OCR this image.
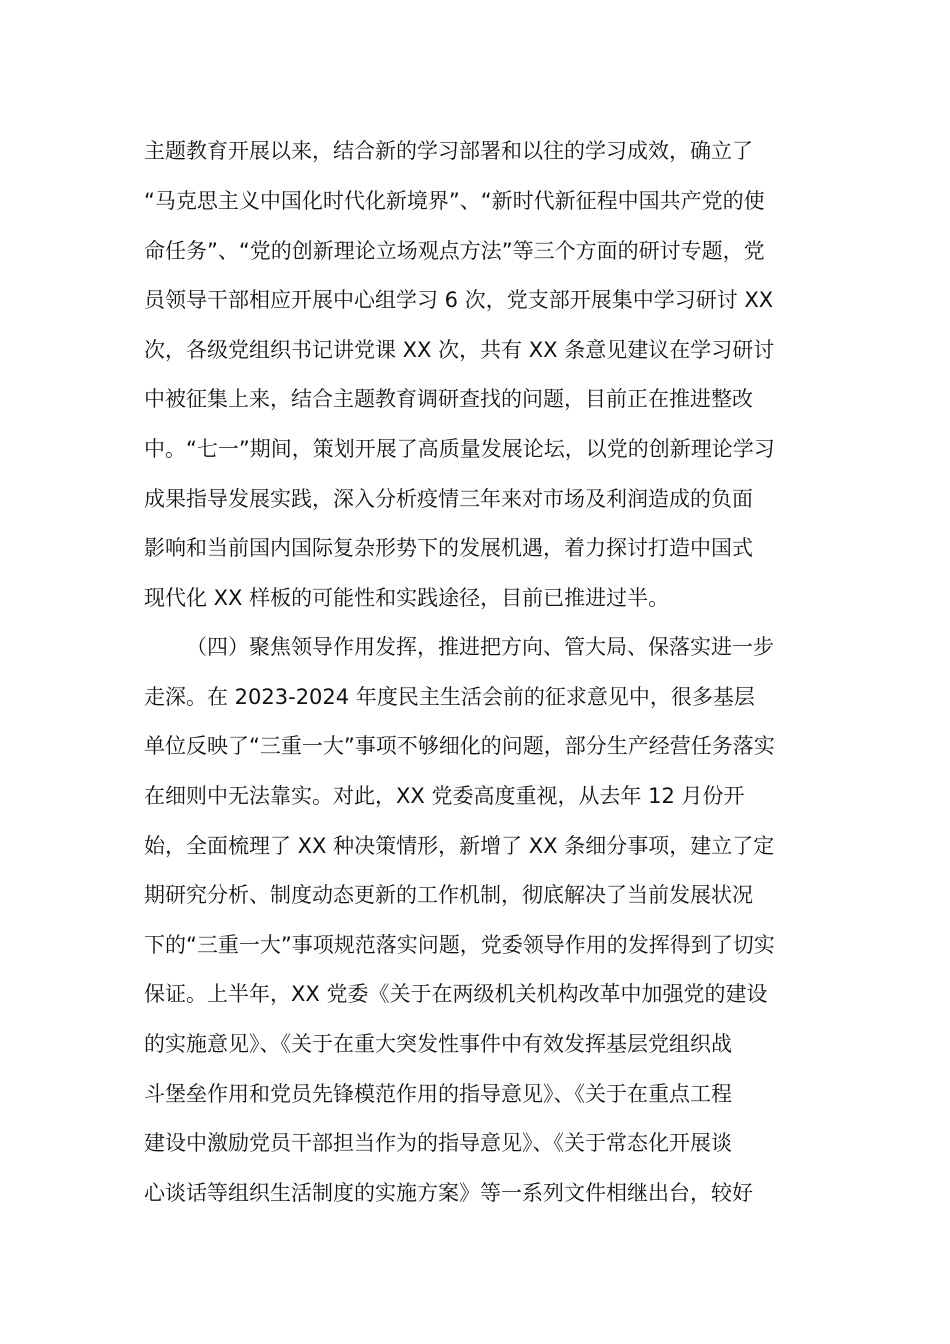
主题教育开展以来，结合新的学习部署和以往的学习成效，确立了
“马克思主义中国化时代化新境界”、“新时代新征程中国共产党的使
命任务”、“党的创新理论立场观点方法”等三个方面的研讨专题，党
员领导干部相应开展中心组学习 6 次，党支部开展集中学习研讨 XX
次，各级党组织书记讲党课 XX 次，共有 XX 条意见建议在学习研讨
中被征集上来，结合主题教育调研查找的问题，目前正在推进整改
中。“七一”期间，策划开展了高质量发展论坛，以党的创新理论学习
成果指导发展实践，深入分析疫情三年来对市场及利润造成的负面
影响和当前国内国际复杂形势下的发展机遇，着力探讨打造中国式
现代化 XX 样板的可能性和实践途径，目前已推进过半。
（四）聚焦领导作用发挥，推进把方向、管大局、保落实进一步
走深。在 2023-2024 年度民主生活会前的征求意见中，很多基层
单位反映了“三重一大”事项不够细化的问题，部分生产经营任务落实
在细则中无法靠实。对此，XX 党委高度重视，从去年 12 月份开
始，全面梳理了 XX 种决策情形，新增了 XX 条细分事项，建立了定
期研究分析、制度动态更新的工作机制，彻底解决了当前发展状况
下的“三重一大”事项规范落实问题，党委领导作用的发挥得到了切实
保证。上半年，XX 党委《关于在两级机关机构改革中加强党的建设
的实施意见》、《关于在重大突发性事件中有效发挥基层党组织战
斗堡垒作用和党员先锋模范作用的指导意见》、《关于在重点工程
建设中激励党员干部担当作为的指导意见》、《关于常态化开展谈
心谈话等组织生活制度的实施方案》等一系列文件相继出台，较好
